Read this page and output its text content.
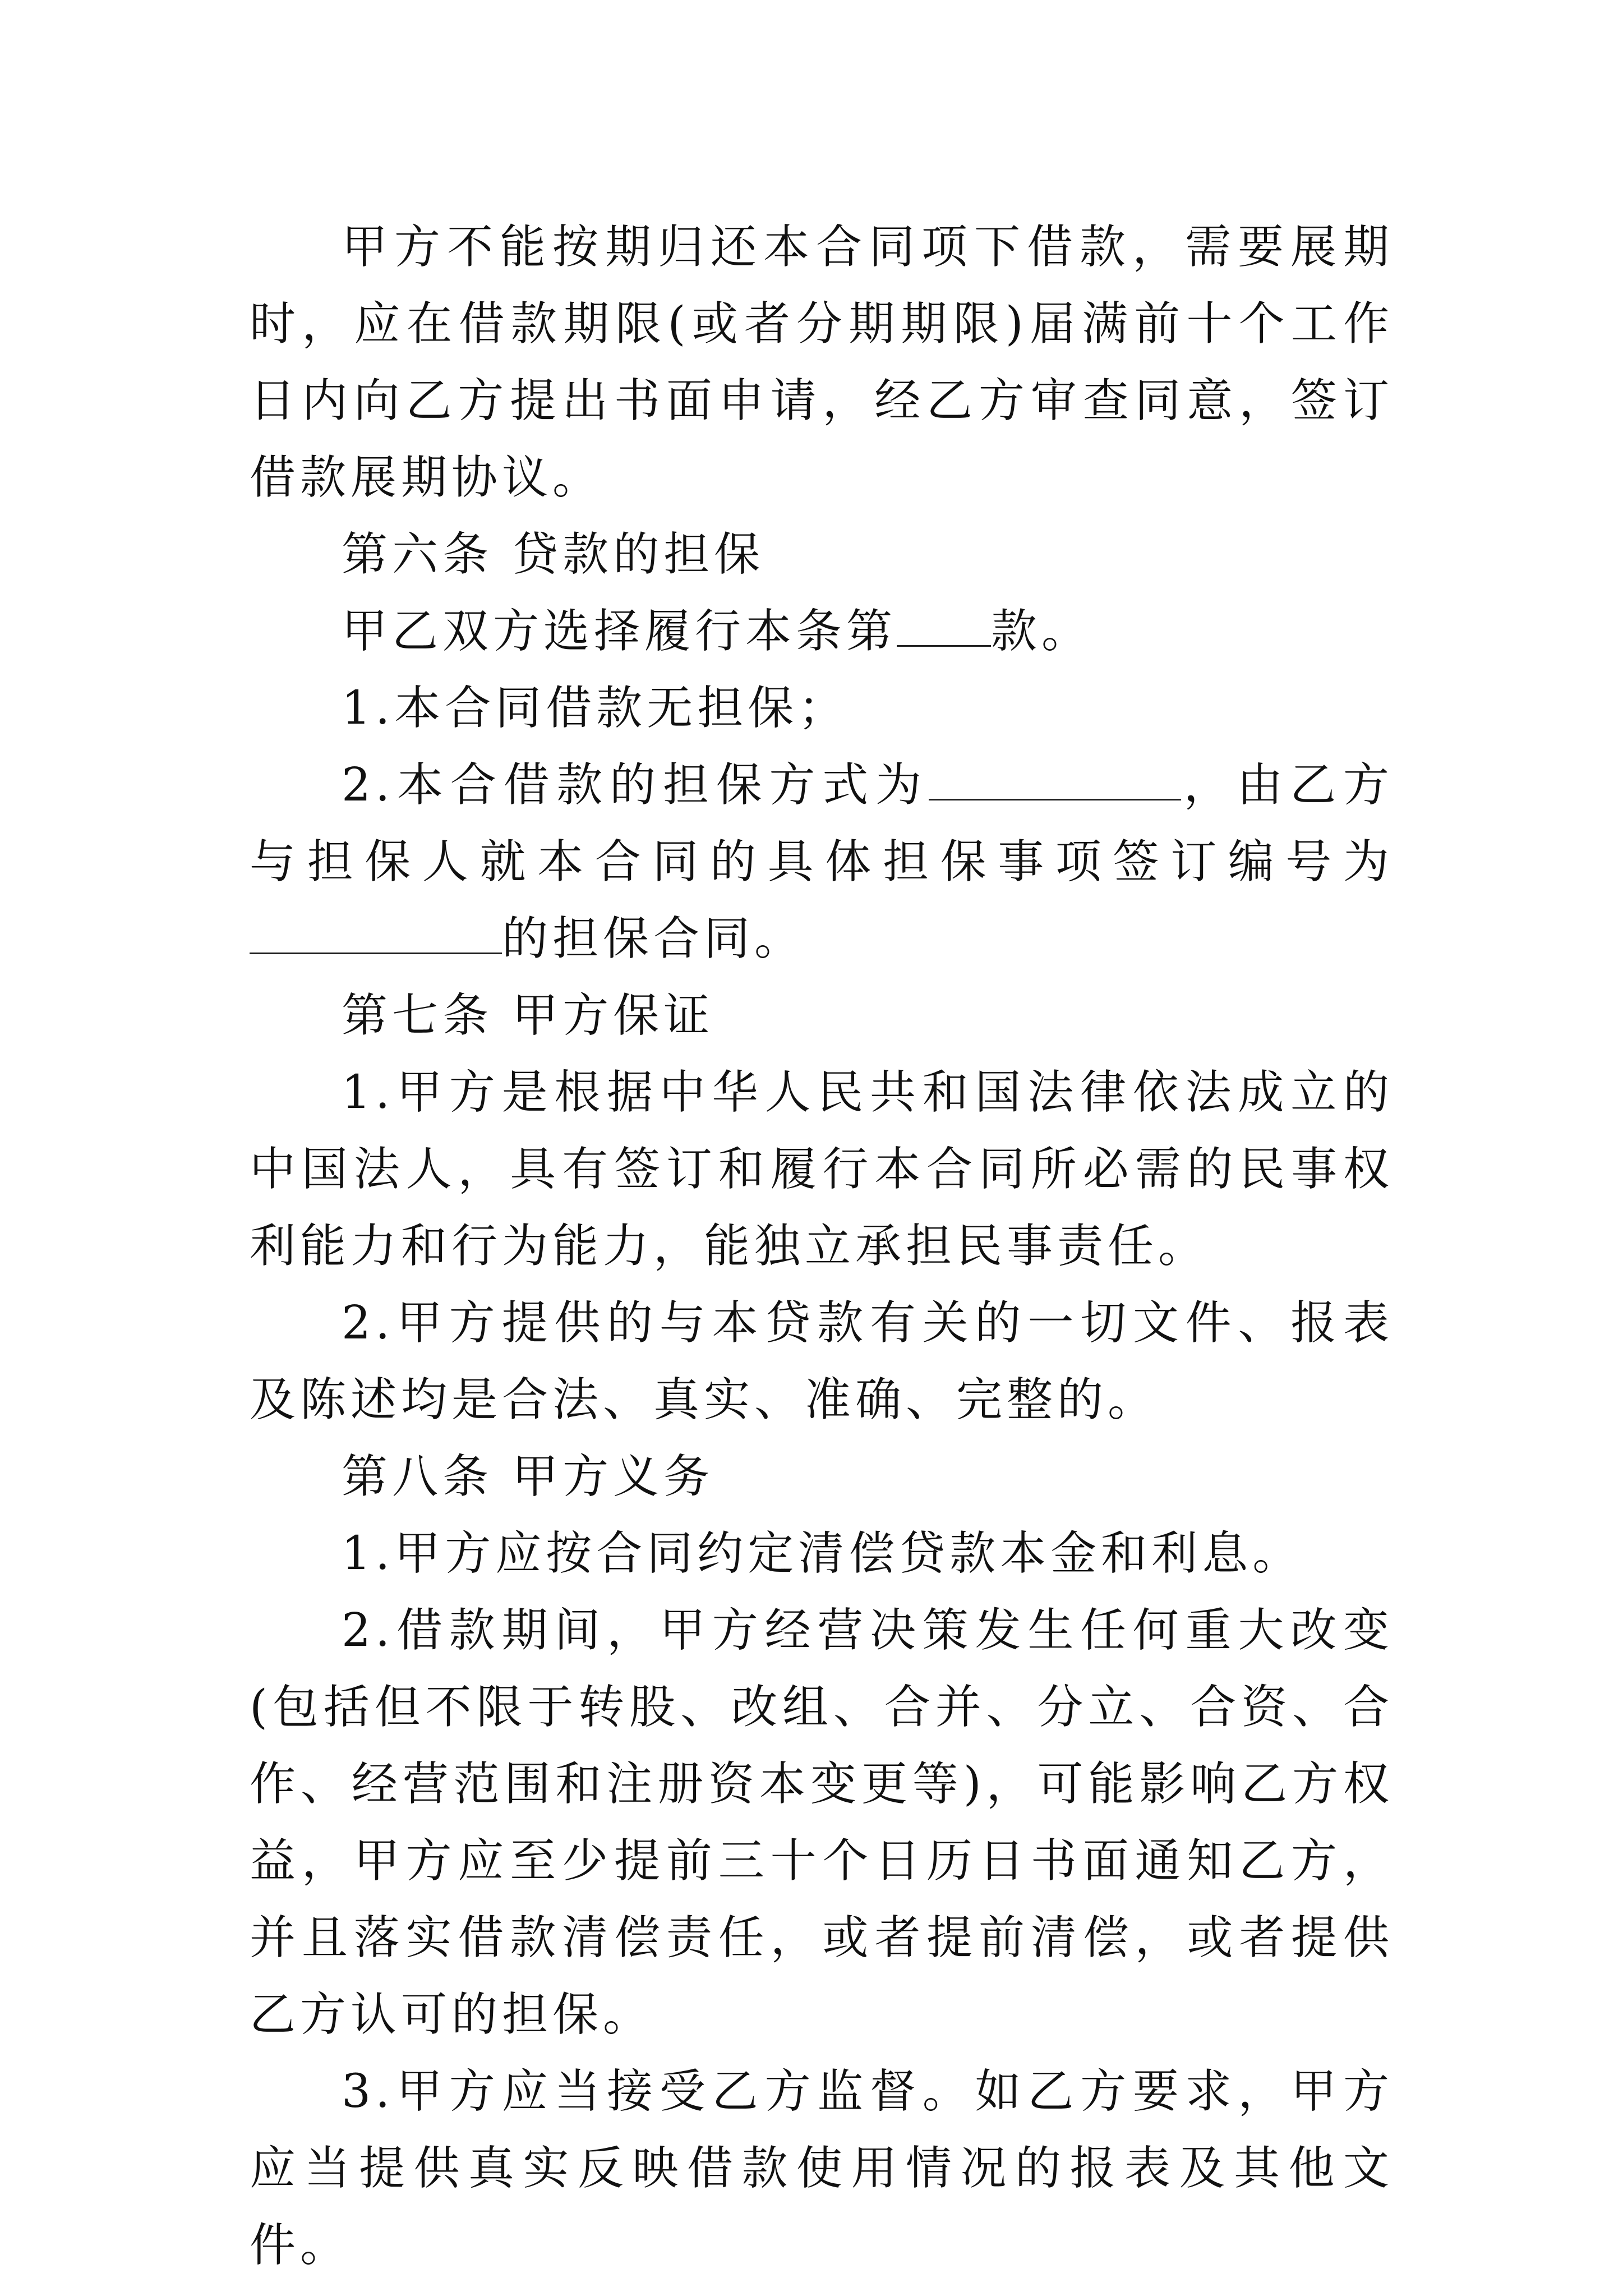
甲方不能按期归还本合同项下借款，需要展期时，应在借款期限(或者分期期限)届满前十个工作日内向乙方提出书面申请，经乙方审查同意，签订借款展期协议。

第六条 贷款的担保

甲乙双方选择履行本条第 款。

1.本合同借款无担保；

2.本合借款的担保方式为	，由乙方与担保人就本合同的具体担保事项签订编号为的担保合同。

第七条 甲方保证

1.甲方是根据中华人民共和国法律依法成立的中国法人，具有签订和履行本合同所必需的民事权利能力和行为能力，能独立承担民事责任。

2.甲方提供的与本贷款有关的一切文件、报表及陈述均是合法、真实、准确、完整的。

第八条 甲方义务

1.甲方应按合同约定清偿贷款本金和利息。

2.借款期间，甲方经营决策发生任何重大改变(包括但不限于转股、改组、合并、分立、合资、合作、经营范围和注册资本变更等)，可能影响乙方权益，甲方应至少提前三十个日历日书面通知乙方，并且落实借款清偿责任，或者提前清偿，或者提供乙方认可的担保。

3.甲方应当接受乙方监督。如乙方要求，甲方应当提供真实反映借款使用情况的报表及其他文件。
